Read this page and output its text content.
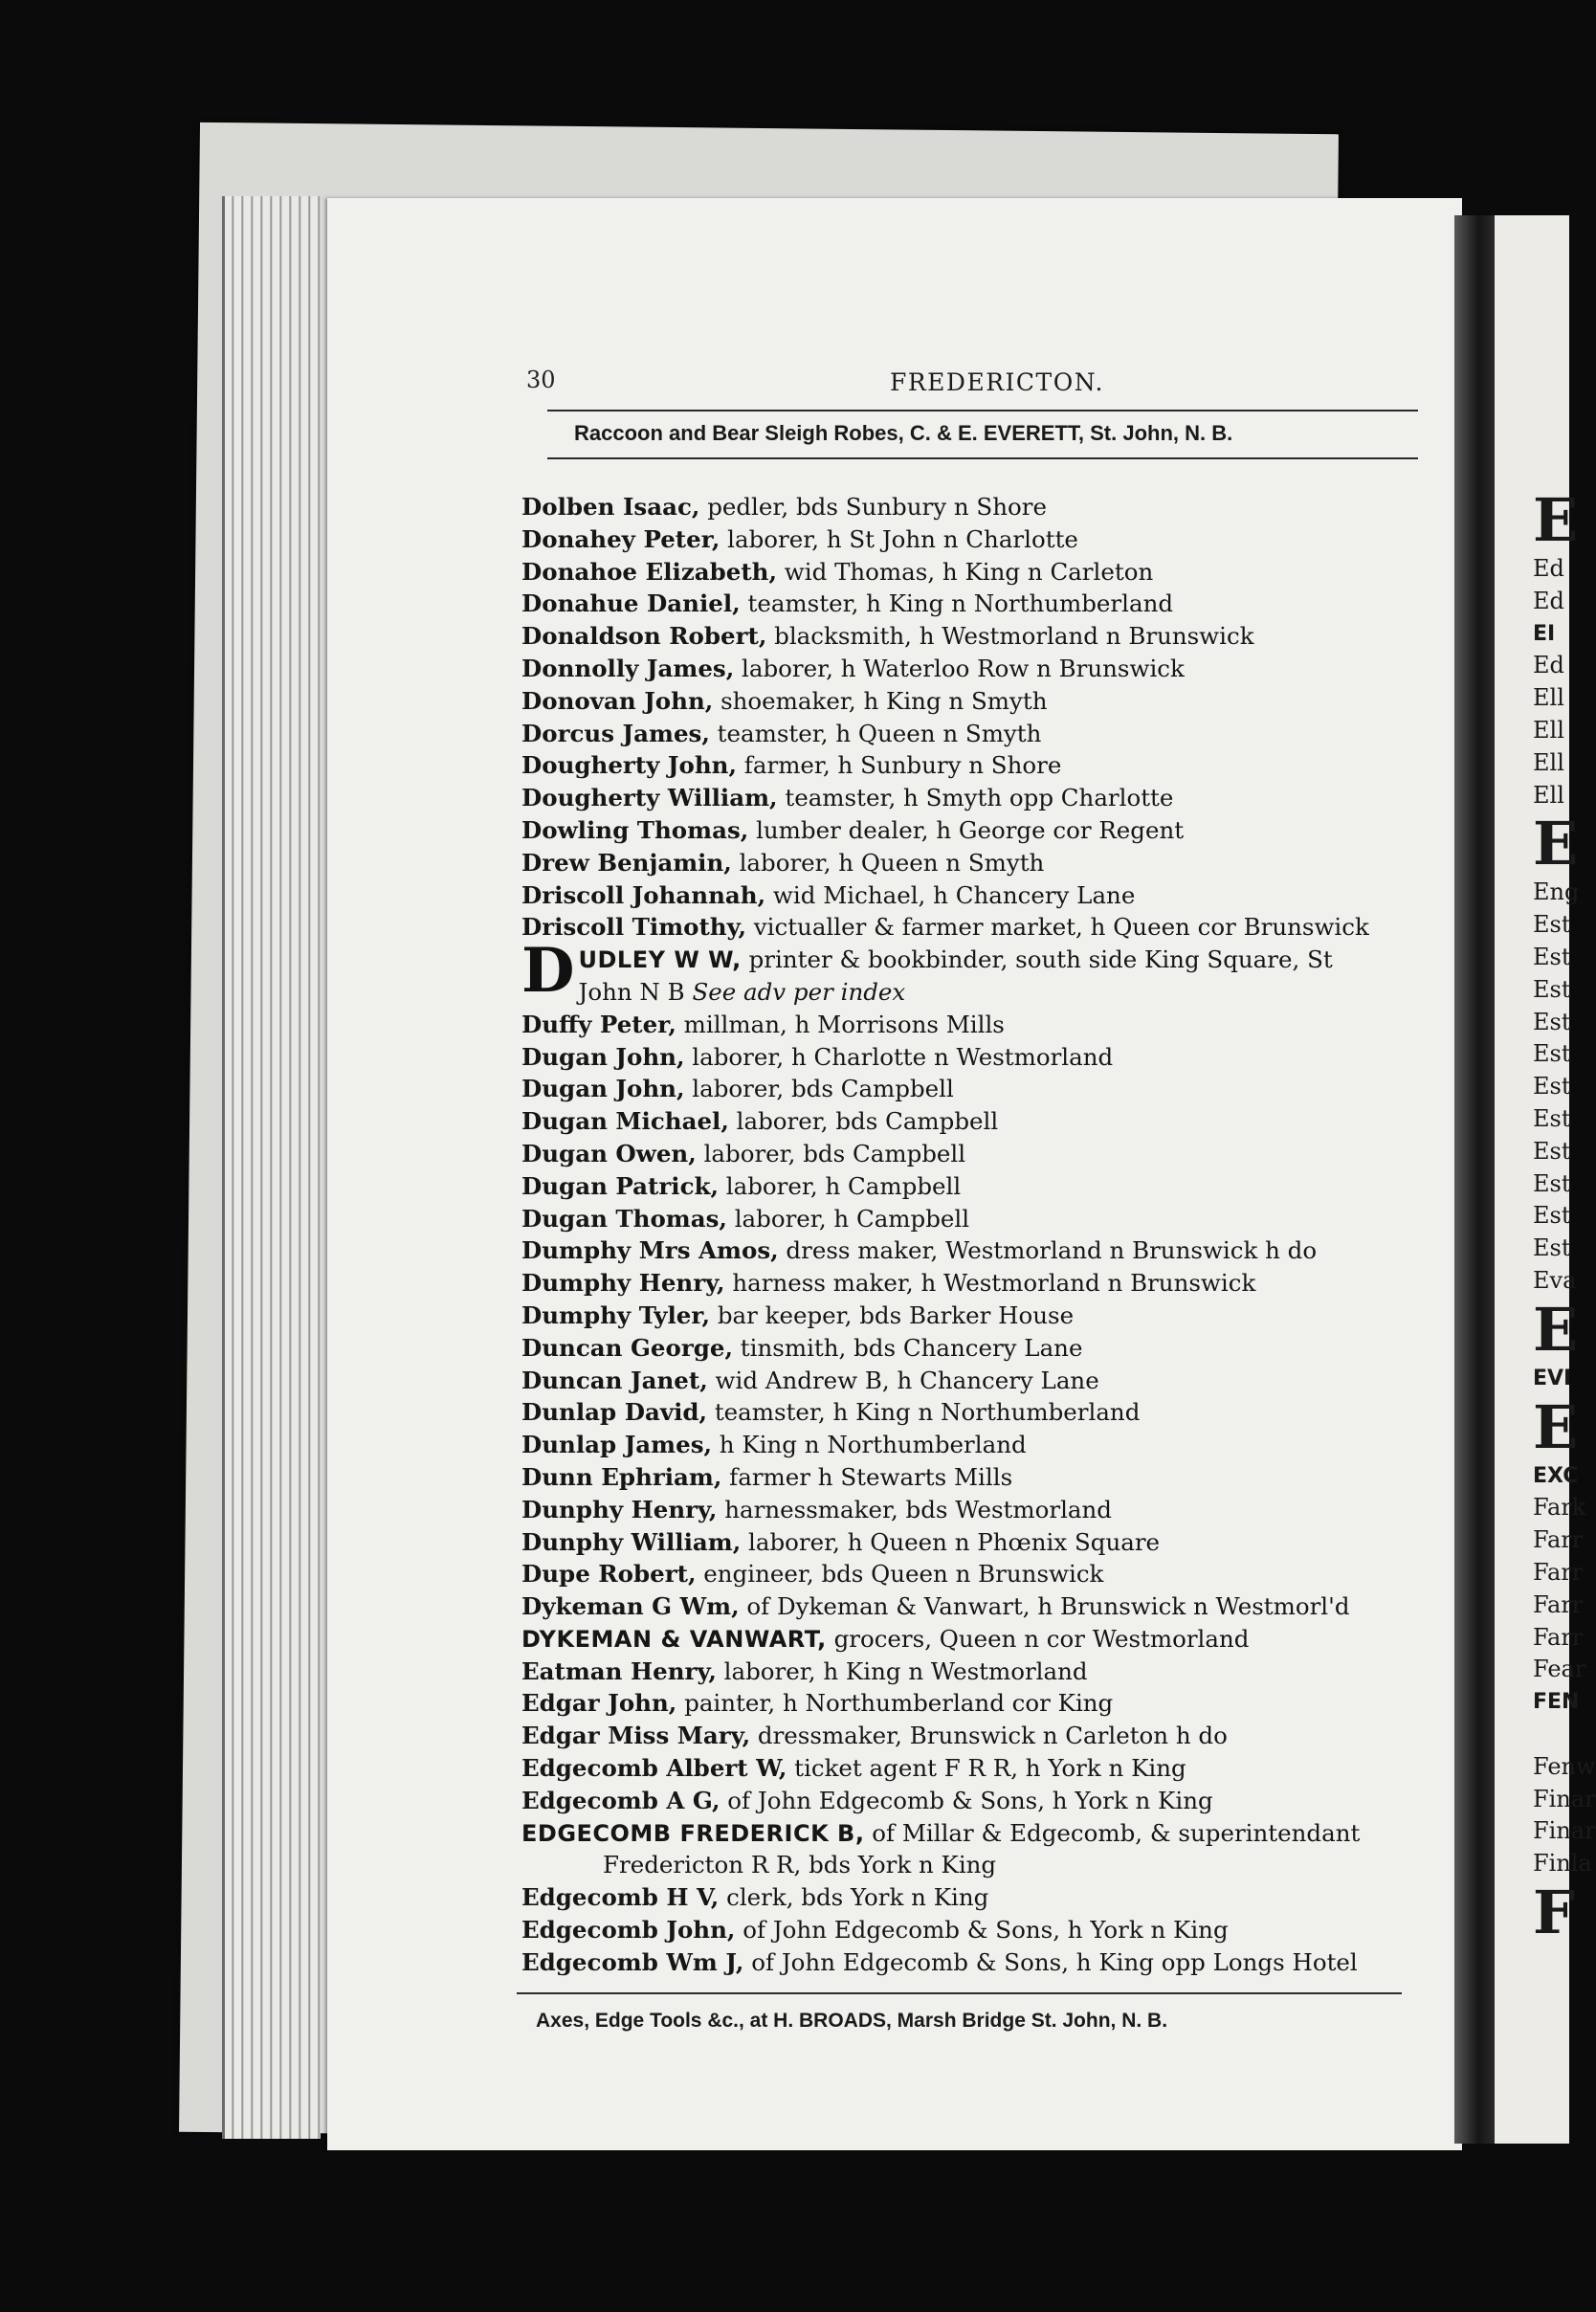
30	FREDERICTON.
Raccoon and Bear Sleigh Robes, C. & E. EVERETT, St. John, N. B.
Dolben Isaac, pedler, bds Sunbury n Shore
Donahey Peter, laborer, h St John n Charlotte
Donahoe Elizabeth, wid Thomas, h King n Carleton
Donahue Daniel, teamster, h King n Northumberland
Donaldson Robert, blacksmith, h Westmorland n Brunswick
Donnolly James, laborer, h Waterloo Row n Brunswick
Donovan John, shoemaker, h King n Smyth
Dorcus James, teamster, h Queen n Smyth
Dougherty John, farmer, h Sunbury n Shore
Dougherty William, teamster, h Smyth opp Charlotte
Dowling Thomas, lumber dealer, h George cor Regent
Drew Benjamin, laborer, h Queen n Smyth
Driscoll Johannah, wid Michael, h Chancery Lane
Driscoll Timothy, victualler & farmer market, h Queen cor Brunswick
D UDLEY W W, printer & bookbinder, south side King Square, St
John N B See adv per index
Duffy Peter, millman, h Morrisons Mills
Dugan John, laborer, h Charlotte n Westmorland
Dugan John, laborer, bds Campbell
Dugan Michael, laborer, bds Campbell
Dugan Owen, laborer, bds Campbell
Dugan Patrick, laborer, h Campbell
Dugan Thomas, laborer, h Campbell
Dumphy Mrs Amos, dress maker, Westmorland n Brunswick h do
Dumphy Henry, harness maker, h Westmorland n Brunswick
Dumphy Tyler, bar keeper, bds Barker House
Duncan George, tinsmith, bds Chancery Lane
Duncan Janet, wid Andrew B, h Chancery Lane
Dunlap David, teamster, h King n Northumberland
Dunlap James, h King n Northumberland
Dunn Ephriam, farmer h Stewarts Mills
Dunphy Henry, harnessmaker, bds Westmorland
Dunphy William, laborer, h Queen n Phœnix Square
Dupe Robert, engineer, bds Queen n Brunswick
Dykeman G Wm, of Dykeman & Vanwart, h Brunswick n Westmorl'd
DYKEMAN & VANWART, grocers, Queen n cor Westmorland
Eatman Henry, laborer, h King n Westmorland
Edgar John, painter, h Northumberland cor King
Edgar Miss Mary, dressmaker, Brunswick n Carleton h do
Edgecomb Albert W, ticket agent F R R, h York n King
Edgecomb A G, of John Edgecomb & Sons, h York n King
EDGECOMB FREDERICK B, of Millar & Edgecomb, & superintendant
Fredericton R R, bds York n King
Edgecomb H V, clerk, bds York n King
Edgecomb John, of John Edgecomb & Sons, h York n King
Edgecomb Wm J, of John Edgecomb & Sons, h King opp Longs Hotel
Axes, Edge Tools &c., at H. BROADS, Marsh Bridge St. John, N. B.
E
Ed
Ed
EI
Ed
Ell
Ell
Ell
Ell
E
Eng
Est
Est
Est
Est
Est
Est
Est
Est
Est
Est
Est
Eva
E
EVI
E
EXC
Fark
Farr
Farr
Farr
Farr
Fear
FEN
Fenw
Finar
Finar
Finla
F
